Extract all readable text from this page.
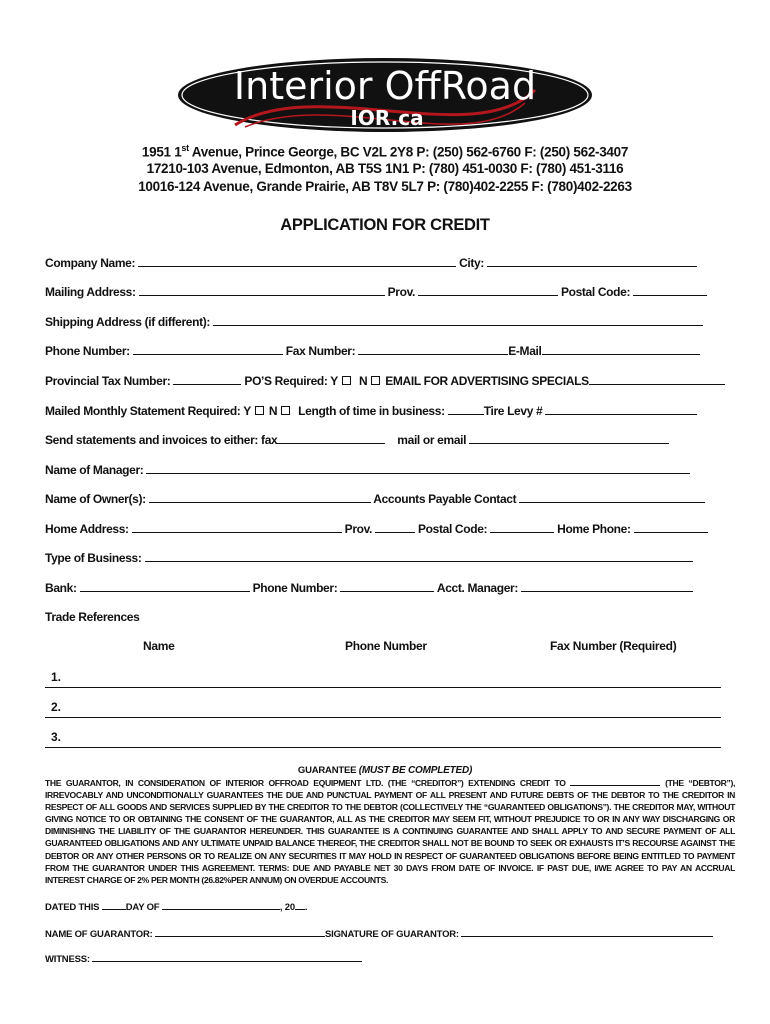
Interior OffRoad
IOR.ca
1951 1st Avenue, Prince George, BC V2L 2Y8 P: (250) 562-6760 F: (250) 562-3407
17210-103 Avenue, Edmonton, AB T5S 1N1 P: (780) 451-0030 F: (780) 451-3116
10016-124 Avenue, Grande Prairie, AB T8V 5L7 P: (780)402-2255 F: (780)402-2263
APPLICATION FOR CREDIT
Company Name:	City:
Mailing Address:	Prov.	Postal Code:
Shipping Address (if different):
Phone Number:	Fax Number:	E-Mail
Provincial Tax Number:	PO’S Required: Y N EMAIL FOR ADVERTISING SPECIALS
Mailed Monthly Statement Required: Y N Length of time in business:	Tire Levy #
Send statements and invoices to either: fax	mail or email
Name of Manager:
Name of Owner(s):	Accounts Payable Contact
Home Address:	Prov.	Postal Code:	Home Phone:
Type of Business:
Bank:	Phone Number:	Acct. Manager:
Trade References
Name	Phone Number	Fax Number (Required)
1.
2.
3.
GUARANTEE (MUST BE COMPLETED)
THE GUARANTOR, IN CONSIDERATION OF INTERIOR OFFROAD EQUIPMENT LTD. (THE “CREDITOR”) EXTENDING CREDIT TO	(THE “DEBTOR”), IRREVOCABLY AND UNCONDITIONALLY GUARANTEES THE DUE AND PUNCTUAL PAYMENT OF ALL PRESENT AND FUTURE DEBTS OF THE DEBTOR TO THE CREDITOR IN RESPECT OF ALL GOODS AND SERVICES SUPPLIED BY THE CREDITOR TO THE DEBTOR (COLLECTIVELY THE “GUARANTEED OBLIGATIONS”). THE CREDITOR MAY, WITHOUT GIVING NOTICE TO OR OBTAINING THE CONSENT OF THE GUARANTOR, ALL AS THE CREDITOR MAY SEEM FIT, WITHOUT PREJUDICE TO OR IN ANY WAY DISCHARGING OR DIMINISHING THE LIABILITY OF THE GUARANTOR HEREUNDER. THIS GUARANTEE IS A CONTINUING GUARANTEE AND SHALL APPLY TO AND SECURE PAYMENT OF ALL GUARANTEED OBLIGATIONS AND ANY ULTIMATE UNPAID BALANCE THEREOF, THE CREDITOR SHALL NOT BE BOUND TO SEEK OR EXHAUSTS IT’S RECOURSE AGAINST THE DEBTOR OR ANY OTHER PERSONS OR TO REALIZE ON ANY SECURITIES IT MAY HOLD IN RESPECT OF GUARANTEED OBLIGATIONS BEFORE BEING ENTITLED TO PAYMENT FROM THE GUARANTOR UNDER THIS AGREEMENT. TERMS: DUE AND PAYABLE NET 30 DAYS FROM DATE OF INVOICE. IF PAST DUE, I/WE AGREE TO PAY AN ACCRUAL INTEREST CHARGE OF 2% PER MONTH (26.82%PER ANNUM) ON OVERDUE ACCOUNTS.
DATED THIS	DAY OF	, 20 .
NAME OF GUARANTOR:	SIGNATURE OF GUARANTOR:
WITNESS:
